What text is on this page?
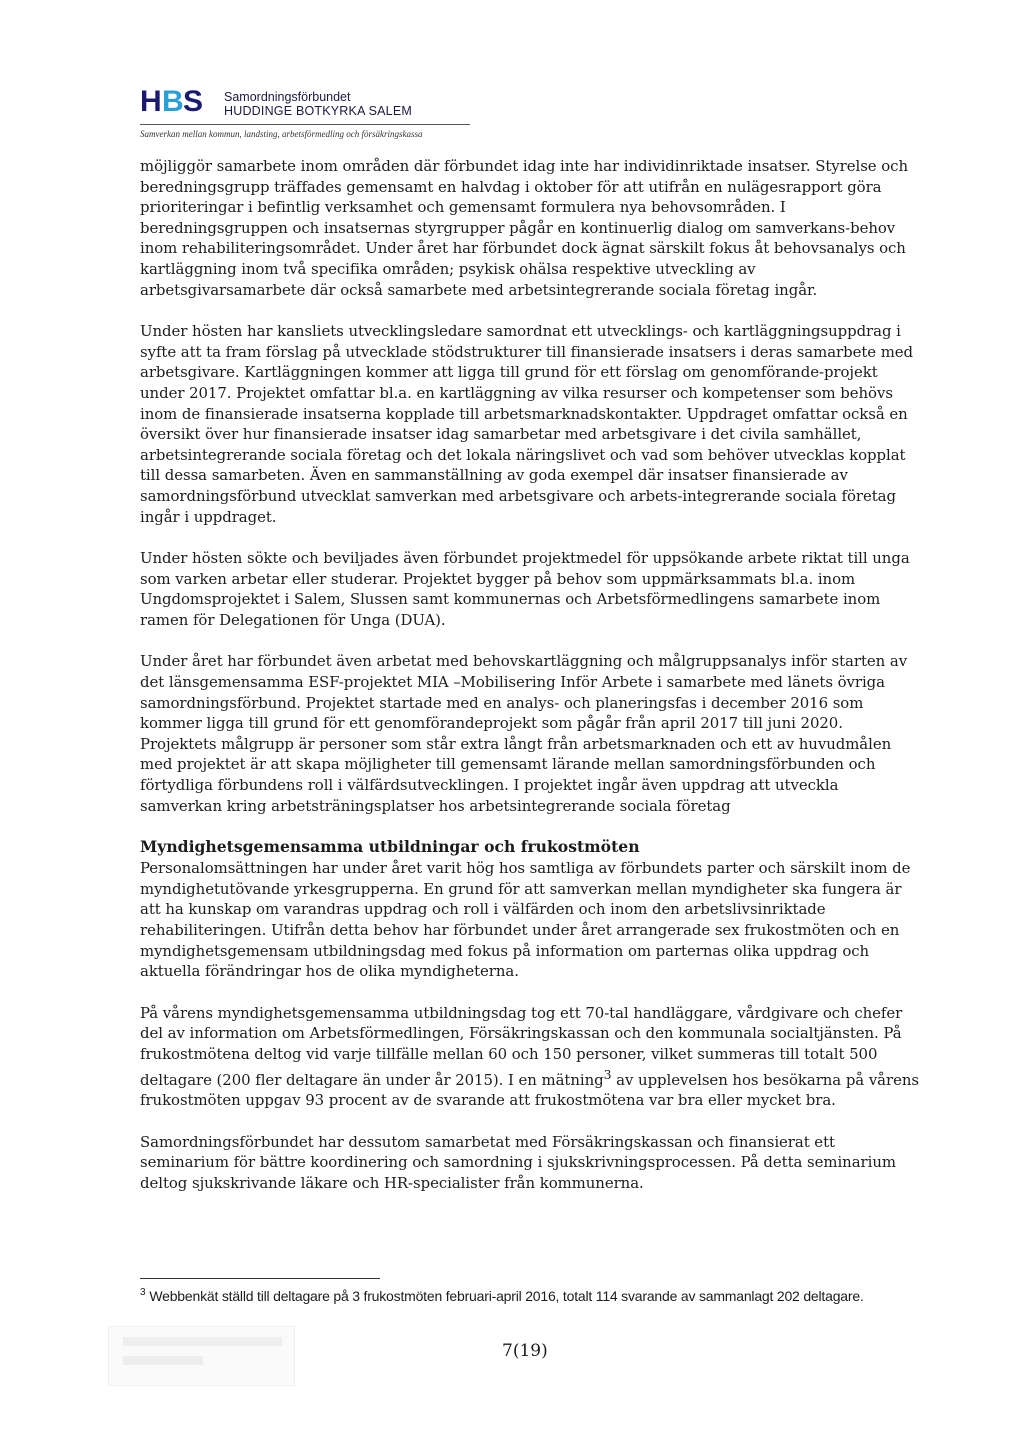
H B S Samordningsförbundet
HUDDINGE BOTKYRKA SALEM
Samverkan mellan kommun, landsting, arbetsförmedling och försäkringskassa

möjliggör samarbete inom områden där förbundet idag inte har individinriktade insatser. Styrelse och beredningsgrupp träffades gemensamt en halvdag i oktober för att utifrån en nulägesrapport göra prioriteringar i befintlig verksamhet och gemensamt formulera nya behovsområden. I beredningsgruppen och insatsernas styrgrupper pågår en kontinuerlig dialog om samverkans-behov inom rehabiliteringsområdet. Under året har förbundet dock ägnat särskilt fokus åt behovsanalys och kartläggning inom två specifika områden; psykisk ohälsa respektive utveckling av arbetsgivarsamarbete där också samarbete med arbetsintegrerande sociala företag ingår.

Under hösten har kansliets utvecklingsledare samordnat ett utvecklings- och kartläggningsuppdrag i syfte att ta fram förslag på utvecklade stödstrukturer till finansierade insatsers i deras samarbete med arbetsgivare. Kartläggningen kommer att ligga till grund för ett förslag om genomförande-projekt under 2017. Projektet omfattar bl.a. en kartläggning av vilka resurser och kompetenser som behövs inom de finansierade insatserna kopplade till arbetsmarknadskontakter. Uppdraget omfattar också en översikt över hur finansierade insatser idag samarbetar med arbetsgivare i det civila samhället, arbetsintegrerande sociala företag och det lokala näringslivet och vad som behöver utvecklas kopplat till dessa samarbeten. Även en sammanställning av goda exempel där insatser finansierade av samordningsförbund utvecklat samverkan med arbetsgivare och arbets-integrerande sociala företag ingår i uppdraget.

Under hösten sökte och beviljades även förbundet projektmedel för uppsökande arbete riktat till unga som varken arbetar eller studerar. Projektet bygger på behov som uppmärksammats bl.a. inom Ungdomsprojektet i Salem, Slussen samt kommunernas och Arbetsförmedlingens samarbete inom ramen för Delegationen för Unga (DUA).

Under året har förbundet även arbetat med behovskartläggning och målgruppsanalys inför starten av det länsgemensamma ESF-projektet MIA –Mobilisering Inför Arbete i samarbete med länets övriga samordningsförbund. Projektet startade med en analys- och planeringsfas i december 2016 som kommer ligga till grund för ett genomförandeprojekt som pågår från april 2017 till juni 2020. Projektets målgrupp är personer som står extra långt från arbetsmarknaden och ett av huvudmålen med projektet är att skapa möjligheter till gemensamt lärande mellan samordningsförbunden och förtydliga förbundens roll i välfärdsutvecklingen. I projektet ingår även uppdrag att utveckla samverkan kring arbetsträningsplatser hos arbetsintegrerande sociala företag

Myndighetsgemensamma utbildningar och frukostmöten

Personalomsättningen har under året varit hög hos samtliga av förbundets parter och särskilt inom de myndighetutövande yrkesgrupperna. En grund för att samverkan mellan myndigheter ska fungera är att ha kunskap om varandras uppdrag och roll i välfärden och inom den arbetslivsinriktade rehabiliteringen. Utifrån detta behov har förbundet under året arrangerade sex frukostmöten och en myndighetsgemensam utbildningsdag med fokus på information om parternas olika uppdrag och aktuella förändringar hos de olika myndigheterna.

På vårens myndighetsgemensamma utbildningsdag tog ett 70-tal handläggare, vårdgivare och chefer del av information om Arbetsförmedlingen, Försäkringskassan och den kommunala socialtjänsten. På frukostmötena deltog vid varje tillfälle mellan 60 och 150 personer, vilket summeras till totalt 500 deltagare (200 fler deltagare än under år 2015). I en mätning$^3$ av upplevelsen hos besökarna på vårens frukostmöten uppgav 93 procent av de svarande att frukostmötena var bra eller mycket bra.

Samordningsförbundet har dessutom samarbetat med Försäkringskassan och finansierat ett seminarium för bättre koordinering och samordning i sjukskrivningsprocessen. På detta seminarium deltog sjukskrivande läkare och HR-specialister från kommunerna.

$^3$ Webbenkät ställd till deltagare på 3 frukostmöten februari-april 2016, totalt 114 svarande av sammanlagt 202 deltagare.
7(19)
